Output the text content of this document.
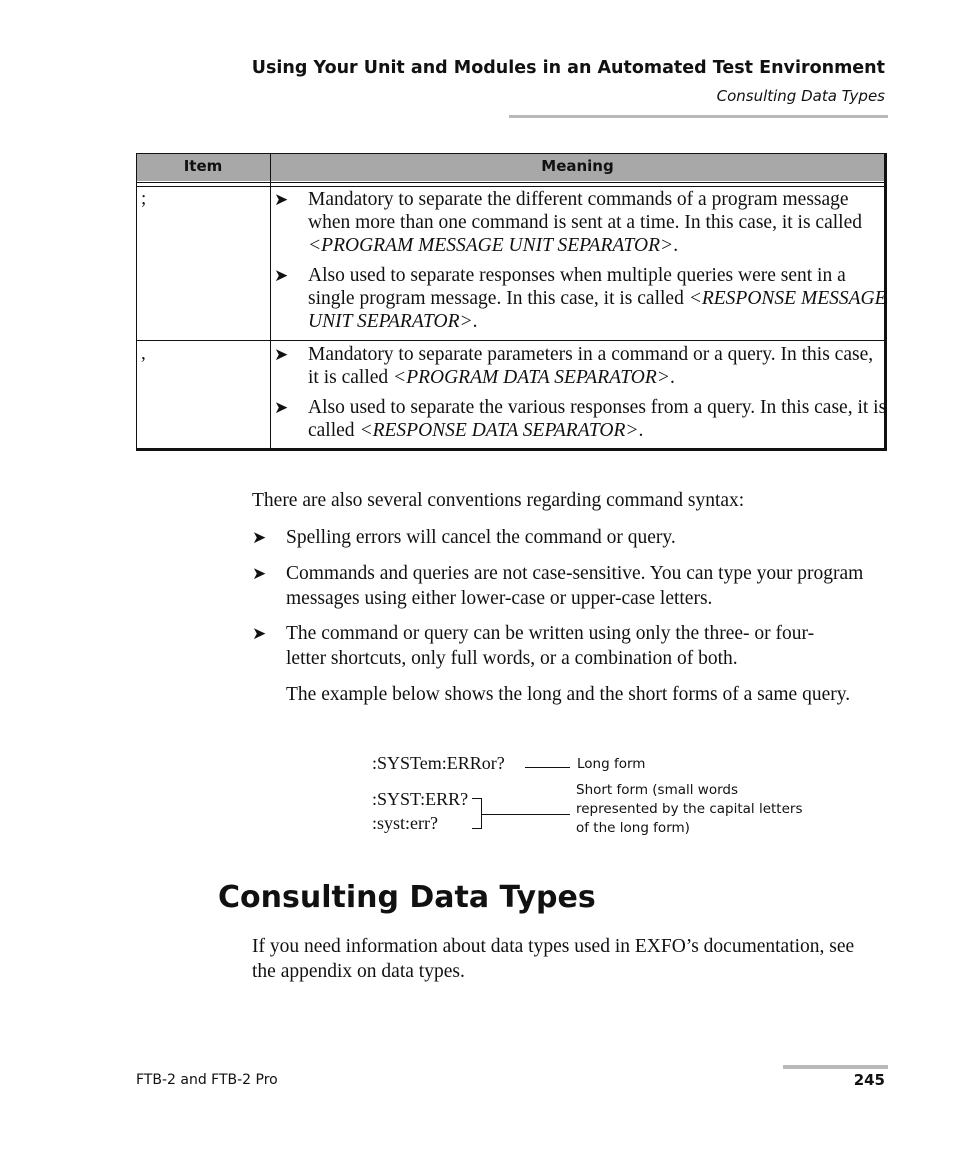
Using Your Unit and Modules in an Automated Test Environment
Consulting Data Types
Item	Meaning
;	➤ Mandatory to separate the different commands of a program message when more than one command is sent at a time. In this case, it is called <PROGRAM MESSAGE UNIT SEPARATOR>.
➤ Also used to separate responses when multiple queries were sent in a single program message. In this case, it is called <RESPONSE MESSAGE UNIT SEPARATOR>.
,	➤ Mandatory to separate parameters in a command or a query. In this case, it is called <PROGRAM DATA SEPARATOR>.
➤ Also used to separate the various responses from a query. In this case, it is called <RESPONSE DATA SEPARATOR>.
There are also several conventions regarding command syntax:
➤ Spelling errors will cancel the command or query.
➤ Commands and queries are not case-sensitive. You can type your program messages using either lower-case or upper-case letters.
➤ The command or query can be written using only the three- or four-letter shortcuts, only full words, or a combination of both.
The example below shows the long and the short forms of a same query.
:SYSTem:ERRor?	Long form
:SYST:ERR?
:syst:err?
Short form (small words
represented by the capital letters
of the long form)
Consulting Data Types
If you need information about data types used in EXFO’s documentation, see the appendix on data types.
FTB-2 and FTB-2 Pro	245
